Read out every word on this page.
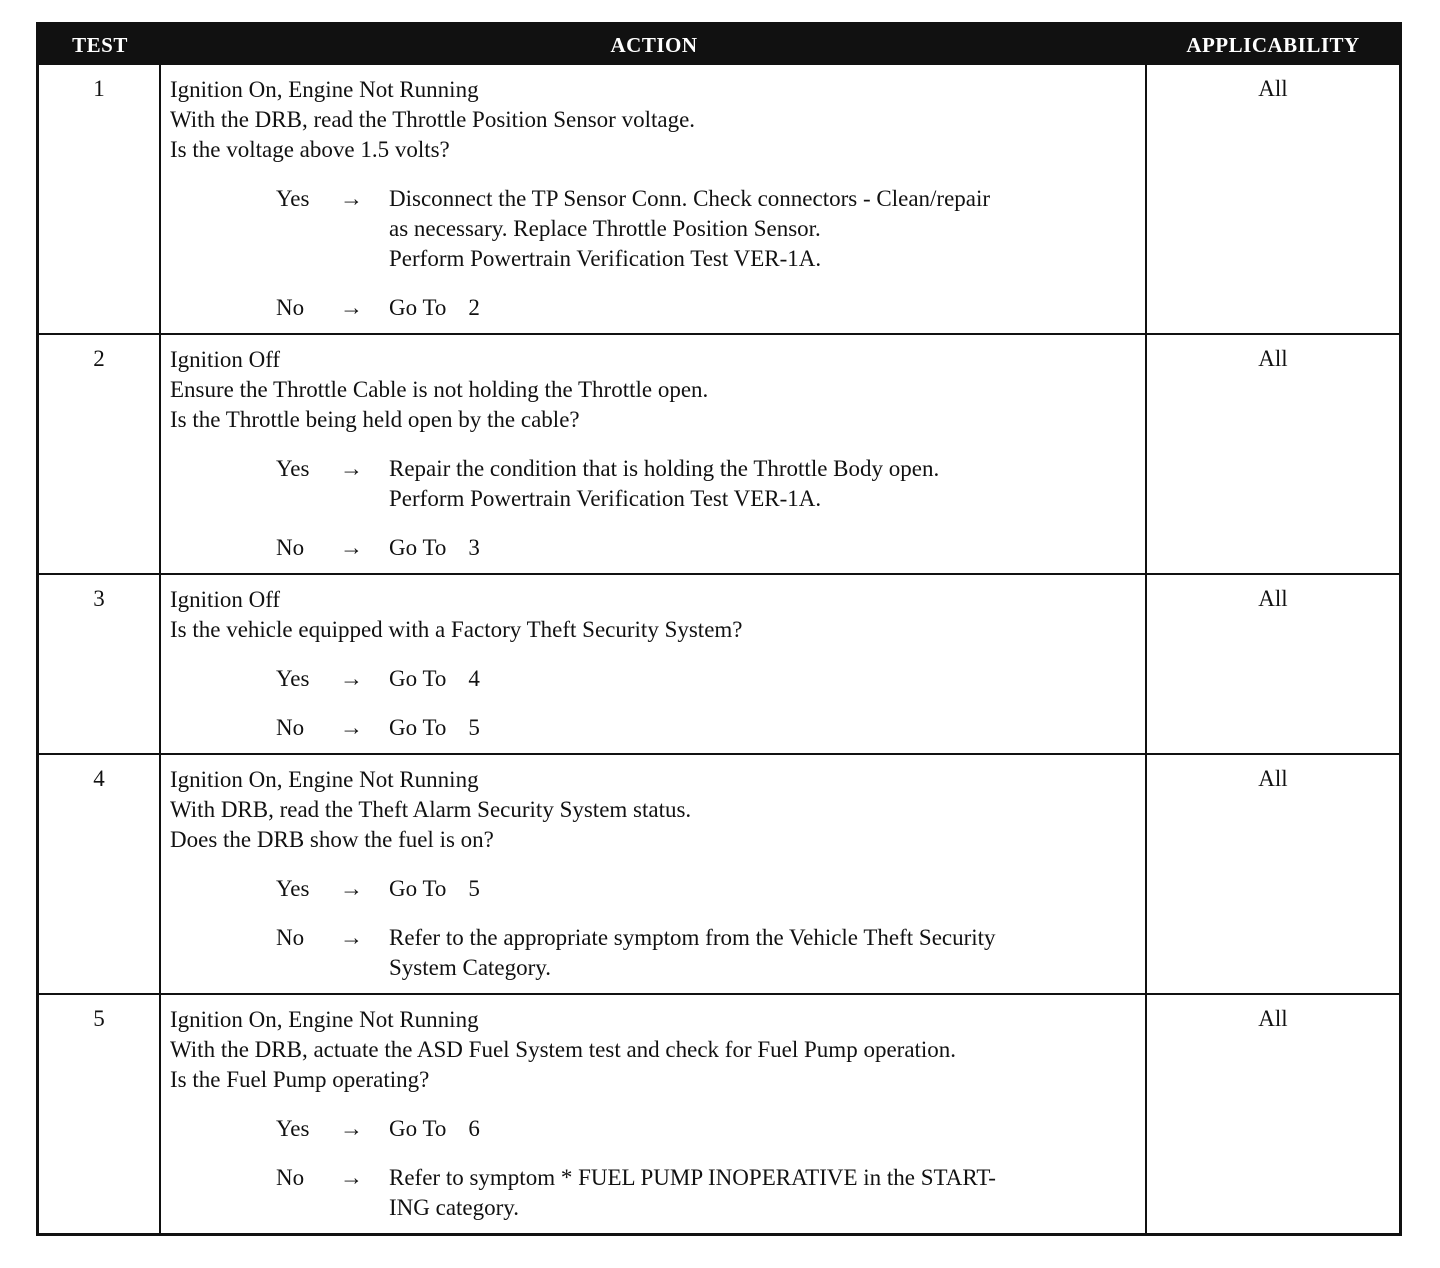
TEST	ACTION	APPLICABILITY
1	Ignition On, Engine Not Running
With the DRB, read the Throttle Position Sensor voltage.
Is the voltage above 1.5 volts?
Yes	→	Disconnect the TP Sensor Conn. Check connectors - Clean/repair
as necessary. Replace Throttle Position Sensor.
Perform Powertrain Verification Test VER-1A.
No	→	Go To 2
All
2	Ignition Off
Ensure the Throttle Cable is not holding the Throttle open.
Is the Throttle being held open by the cable?
Yes	→	Repair the condition that is holding the Throttle Body open.
Perform Powertrain Verification Test VER-1A.
No	→	Go To 3
All
3	Ignition Off
Is the vehicle equipped with a Factory Theft Security System?
Yes	→	Go To 4
No	→	Go To 5
All
4	Ignition On, Engine Not Running
With DRB, read the Theft Alarm Security System status.
Does the DRB show the fuel is on?
Yes	→	Go To 5
No	→	Refer to the appropriate symptom from the Vehicle Theft Security
System Category.
All
5	Ignition On, Engine Not Running
With the DRB, actuate the ASD Fuel System test and check for Fuel Pump operation.
Is the Fuel Pump operating?
Yes	→	Go To 6
No	→	Refer to symptom * FUEL PUMP INOPERATIVE in the START-
ING category.
All
